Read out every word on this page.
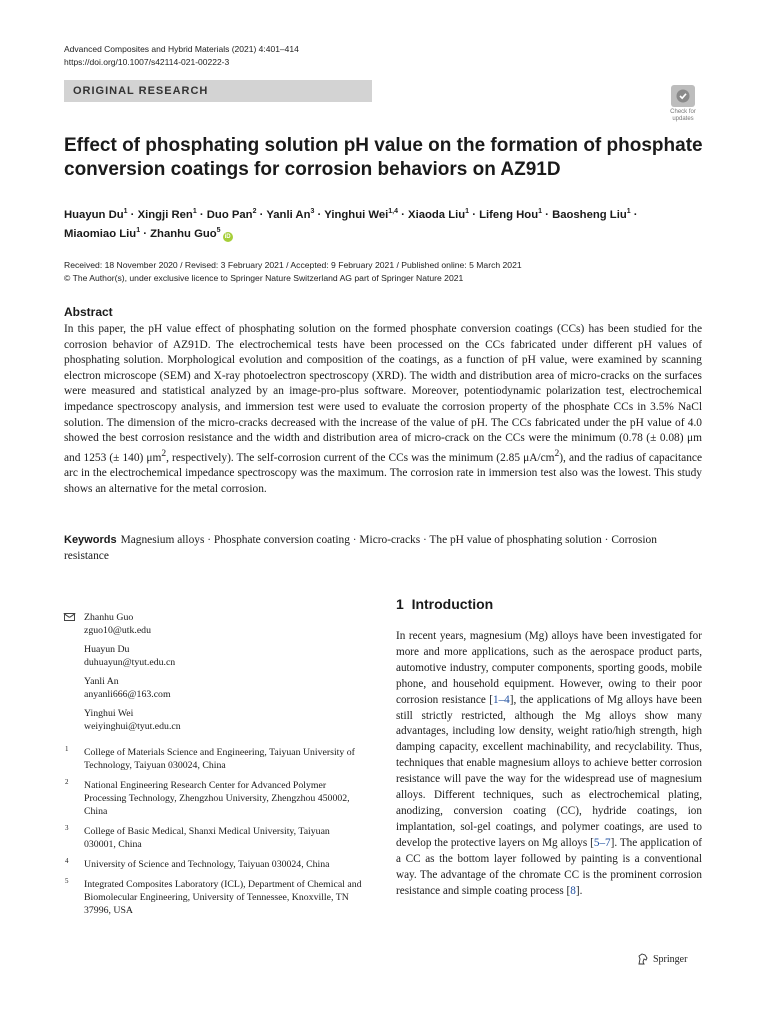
Advanced Composites and Hybrid Materials (2021) 4:401–414
https://doi.org/10.1007/s42114-021-00222-3
ORIGINAL RESEARCH
Check for
updates
Effect of phosphating solution pH value on the formation of phosphate conversion coatings for corrosion behaviors on AZ91D
Huayun $Du^1$ · Xingji Ren$^1$ · Duo Pan$^2$ · Yanli $An^3$ · Yinghui Wei$^{1,4}$ · Xiaoda Liu$^1$ · Lifeng Hou$^1$ · Baosheng Liu$^1$ ·
Miaomiao Liu$^1$ · Zhanhu Guo$^5$iD
Received: 18 November 2020 / Revised: 3 February 2021 / Accepted: 9 February 2021 / Published online: 5 March 2021
© The Author(s), under exclusive licence to Springer Nature Switzerland AG part of Springer Nature 2021
Abstract
In this paper, the pH value effect of phosphating solution on the formed phosphate conversion coatings (CCs) has been studied for the corrosion behavior of AZ91D. The electrochemical tests have been processed on the CCs fabricated under different pH values of phosphating solution. Morphological evolution and composition of the coatings, as a function of pH value, were examined by scanning electron microscope (SEM) and X-ray photoelectron spectroscopy (XRD). The width and distribution area of micro-cracks on the surfaces were measured and statistical analyzed by an image-pro-plus software. Moreover, potentiodynamic polarization test, electrochemical impedance spectroscopy analysis, and immersion test were used to evaluate the corrosion property of the phosphate CCs in 3.5% NaCl solution. The dimension of the micro-cracks decreased with the increase of the value of pH. The CCs fabricated under the pH value of 4.0 showed the best corrosion resistance and the width and distribution area of micro-crack on the CCs were the minimum (0.78 (± 0.08) μm and 1253 (± 140) $\mu m^2$, respectively). The self-corrosion current of the CCs was the minimum (2.85 $\mu A/cm^2$), and the radius of capacitance arc in the electrochemical impedance spectroscopy was the maximum. The corrosion rate in immersion test also was the lowest. This study shows an alternative for the metal corrosion.
Keywords Magnesium alloys · Phosphate conversion coating · Micro-cracks · The pH value of phosphating solution · Corrosion resistance
Zhanhu Guo
zguo10@utk.edu
Huayun Du
duhuayun@tyut.edu.cn
Yanli An
anyanli666@163.com
Yinghui Wei
weiyinghui@tyut.edu.cn
1 College of Materials Science and Engineering, Taiyuan University of Technology, Taiyuan 030024, China
2 National Engineering Research Center for Advanced Polymer Processing Technology, Zhengzhou University, Zhengzhou 450002, China
3 College of Basic Medical, Shanxi Medical University, Taiyuan 030001, China
4 University of Science and Technology, Taiyuan 030024, China
5 Integrated Composites Laboratory (ICL), Department of Chemical and Biomolecular Engineering, University of Tennessee, Knoxville, TN 37996, USA
1 Introduction
In recent years, magnesium (Mg) alloys have been investigated for more and more applications, such as the aerospace product parts, automotive industry, computer components, sporting goods, mobile phone, and household equipment. However, owing to their poor corrosion resistance [1–4], the applications of Mg alloys have been still strictly restricted, although the Mg alloys show many advantages, including low density, weight ratio/high strength, high damping capacity, excellent machinability, and recyclability. Thus, techniques that enable magnesium alloys to achieve better corrosion resistance will pave the way for the widespread use of magnesium alloys. Different techniques, such as electrochemical plating, anodizing, conversion coating (CC), hydride coatings, ion implantation, sol-gel coatings, and polymer coatings, are used to develop the protective layers on Mg alloys [5–7]. The application of a CC as the bottom layer followed by painting is a conventional way. The advantage of the chromate CC is the prominent corrosion resistance and simple coating process [8].
Springer
